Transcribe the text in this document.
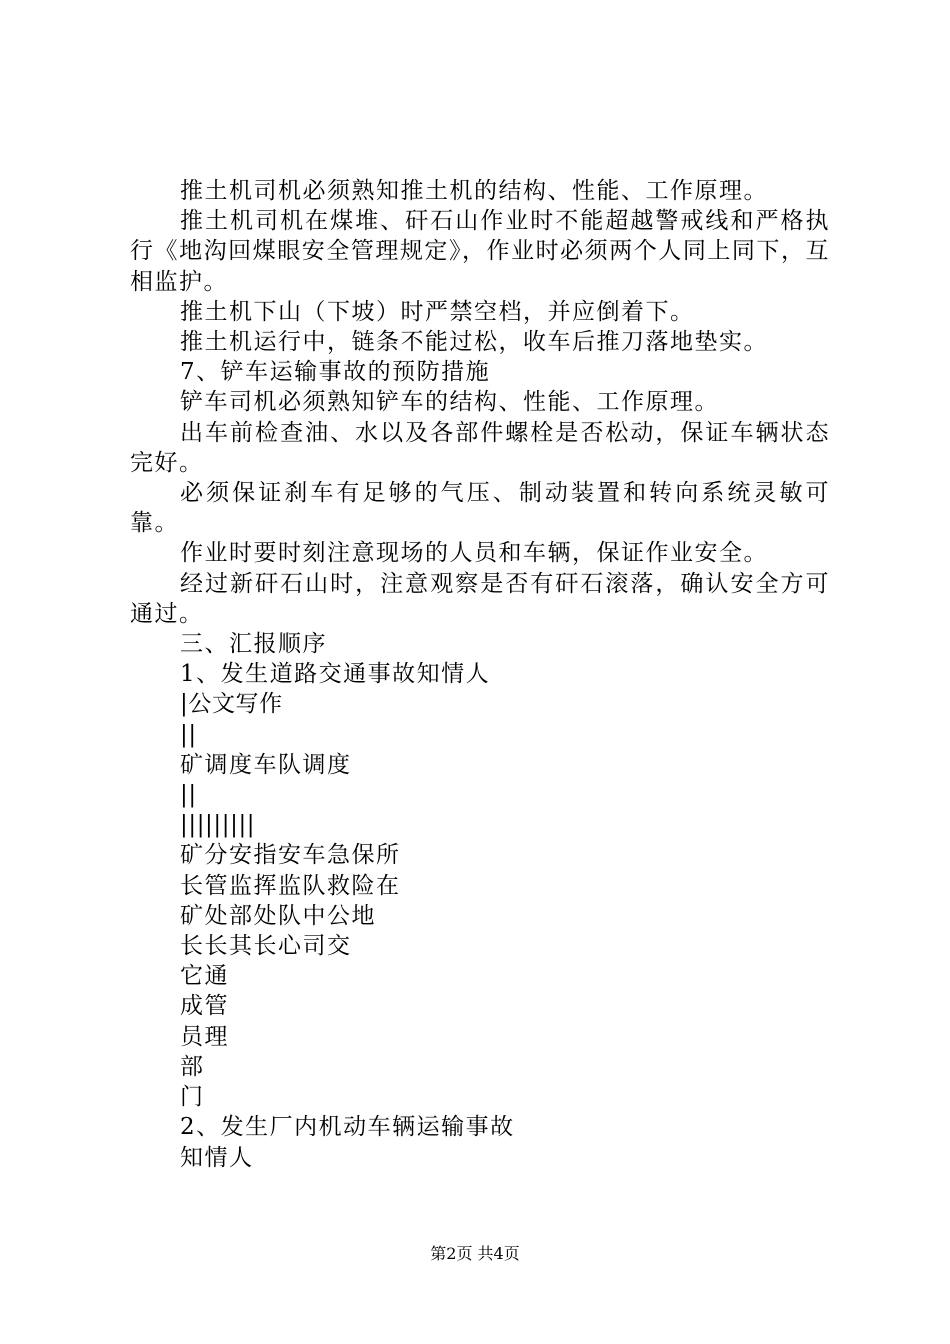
推土机司机必须熟知推土机的结构、性能、工作原理。

推土机司机在煤堆、矸石山作业时不能超越警戒线和严格执行《地沟回煤眼安全管理规定》，作业时必须两个人同上同下，互相监护。

推土机下山（下坡）时严禁空档，并应倒着下。

推土机运行中，链条不能过松，收车后推刀落地垫实。

7、铲车运输事故的预防措施

铲车司机必须熟知铲车的结构、性能、工作原理。

出车前检查油、水以及各部件螺栓是否松动，保证车辆状态完好。

必须保证刹车有足够的气压、制动装置和转向系统灵敏可靠。

作业时要时刻注意现场的人员和车辆，保证作业安全。

经过新矸石山时，注意观察是否有矸石滚落，确认安全方可通过。

三、汇报顺序

1、发生道路交通事故知情人

|公文写作

||

矿调度车队调度

||

|||||||||

矿分安指安车急保所

长管监挥监队救险在

矿处部处队中公地

长长其长心司交

它通

成管

员理

部

门

2、发生厂内机动车辆运输事故

知情人

第2页 共4页
